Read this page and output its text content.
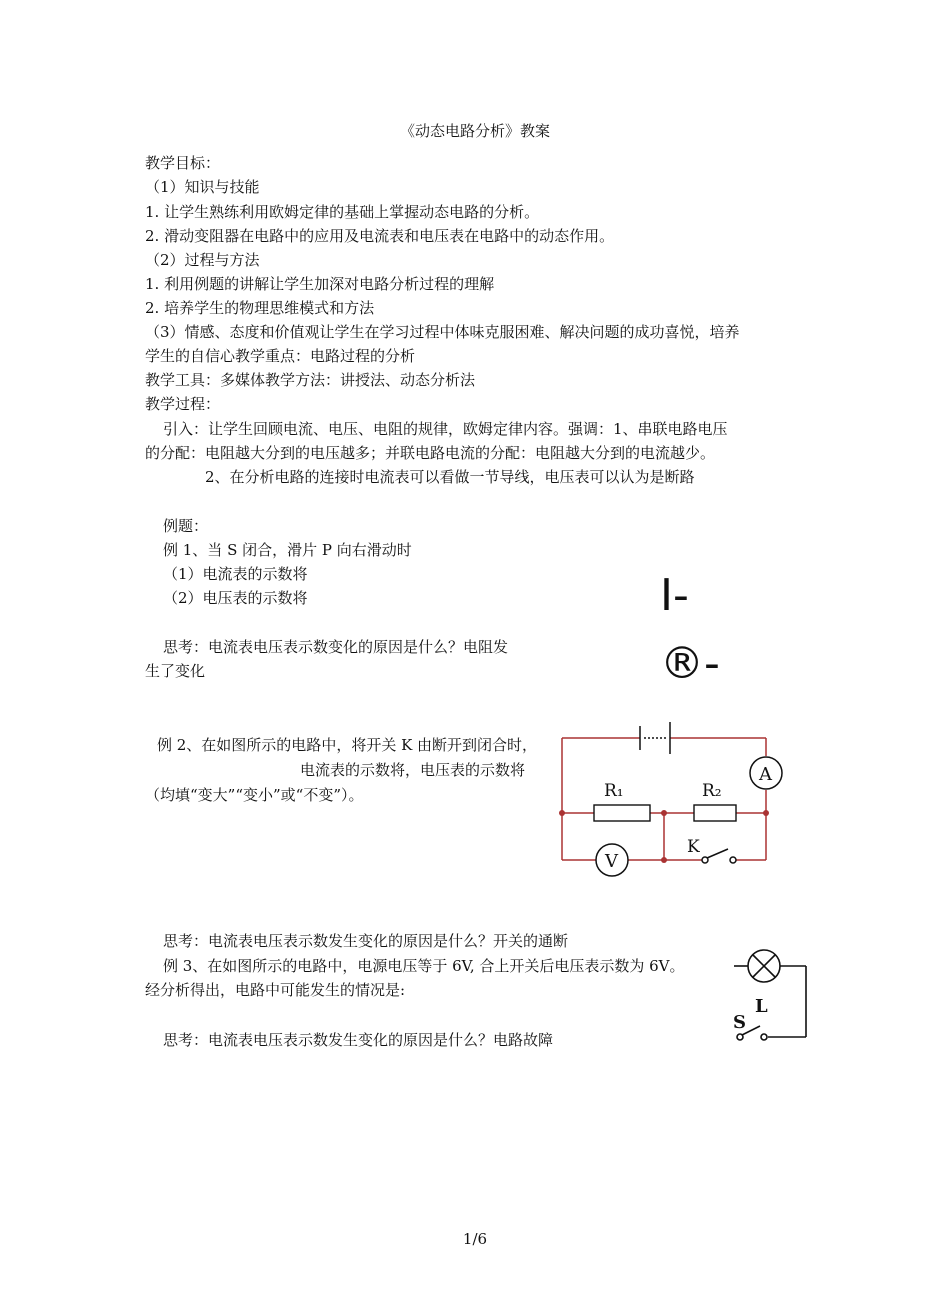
《动态电路分析》教案
教学目标：
（1）知识与技能
1. 让学生熟练利用欧姆定律的基础上掌握动态电路的分析。
2. 滑动变阻器在电路中的应用及电流表和电压表在电路中的动态作用。
（2）过程与方法
1. 利用例题的讲解让学生加深对电路分析过程的理解
2. 培养学生的物理思维模式和方法
（3）情感、态度和价值观让学生在学习过程中体味克服困难、解决问题的成功喜悦，培养
学生的自信心教学重点：电路过程的分析
教学工具：多媒体教学方法：讲授法、动态分析法
教学过程：
引入：让学生回顾电流、电压、电阻的规律，欧姆定律内容。强调：1、串联电路电压
的分配：电阻越大分到的电压越多；并联电路电流的分配：电阻越大分到的电流越少。
2、在分析电路的连接时电流表可以看做一节导线，电压表可以认为是断路
例题：
例 1、当 S 闭合，滑片 P 向右滑动时
（1）电流表的示数将
（2）电压表的示数将
思考：电流表电压表示数变化的原因是什么？电阻发
生了变化
I-
®-
例 2、在如图所示的电路中，将开关 K 由断开到闭合时，
电流表的示数将，电压表的示数将
（均填“变大”“变小”或“不变”）。	R₁	R₂
A
V
K
思考：电流表电压表示数发生变化的原因是什么？开关的通断
例 3、在如图所示的电路中，电源电压等于 6V, 合上开关后电压表示数为 6V。
经分析得出，电路中可能发生的情况是:
L
S
思考：电流表电压表示数发生变化的原因是什么？电路故障
1/6
